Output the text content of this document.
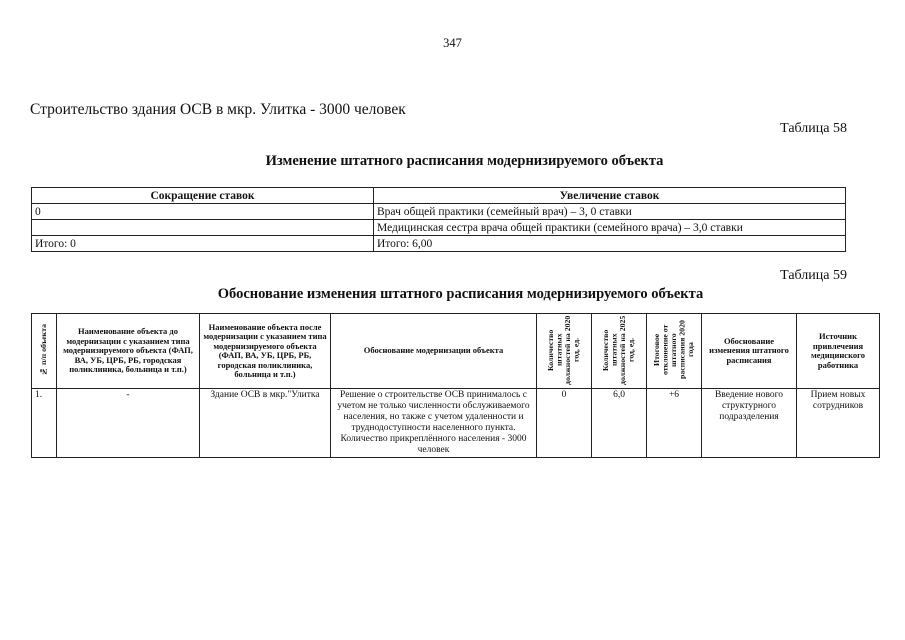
347
Строительство здания ОСВ в мкр. Улитка - 3000 человек
Таблица 58
Изменение штатного расписания модернизируемого объекта
Сокращение ставок	Увеличение ставок
0	Врач общей практики (семейный врач) – 3, 0 ставки
	Медицинская сестра врача общей практики (семейного врача) – 3,0 ставки
Итого: 0	Итого: 6,00
Таблица 59
Обоснование изменения штатного расписания модернизируемого объекта
№ п/п объекта	Наименование объекта до модернизации с указанием типа модернизируемого объекта (ФАП, ВА, УБ, ЦРБ, РБ, городская поликлиника, больница и т.п.)	Наименование объекта после модернизации с указанием типа модернизируемого объекта (ФАП, ВА, УБ, ЦРБ, РБ, городская поликлиника, больница и т.п.)	Обоснование модернизации объекта	Количество штатных должностей на 2020 год, ед.	Количество штатных должностей на 2025 год, ед.	Итоговое отклонение от штатного расписания 2020 года	Обоснование изменения штатного расписания	Источник привлечения медицинского работника
1.	-	Здание ОСВ в мкр."Улитка	Решение о строительстве ОСВ принималось с учетом не только численности обслуживаемого населения, но также с учетом удаленности и труднодоступности населенного пункта. Количество прикреплённого населения - 3000 человек	0	6,0	+6	Введение нового структурного подразделения	Прием новых сотрудников
